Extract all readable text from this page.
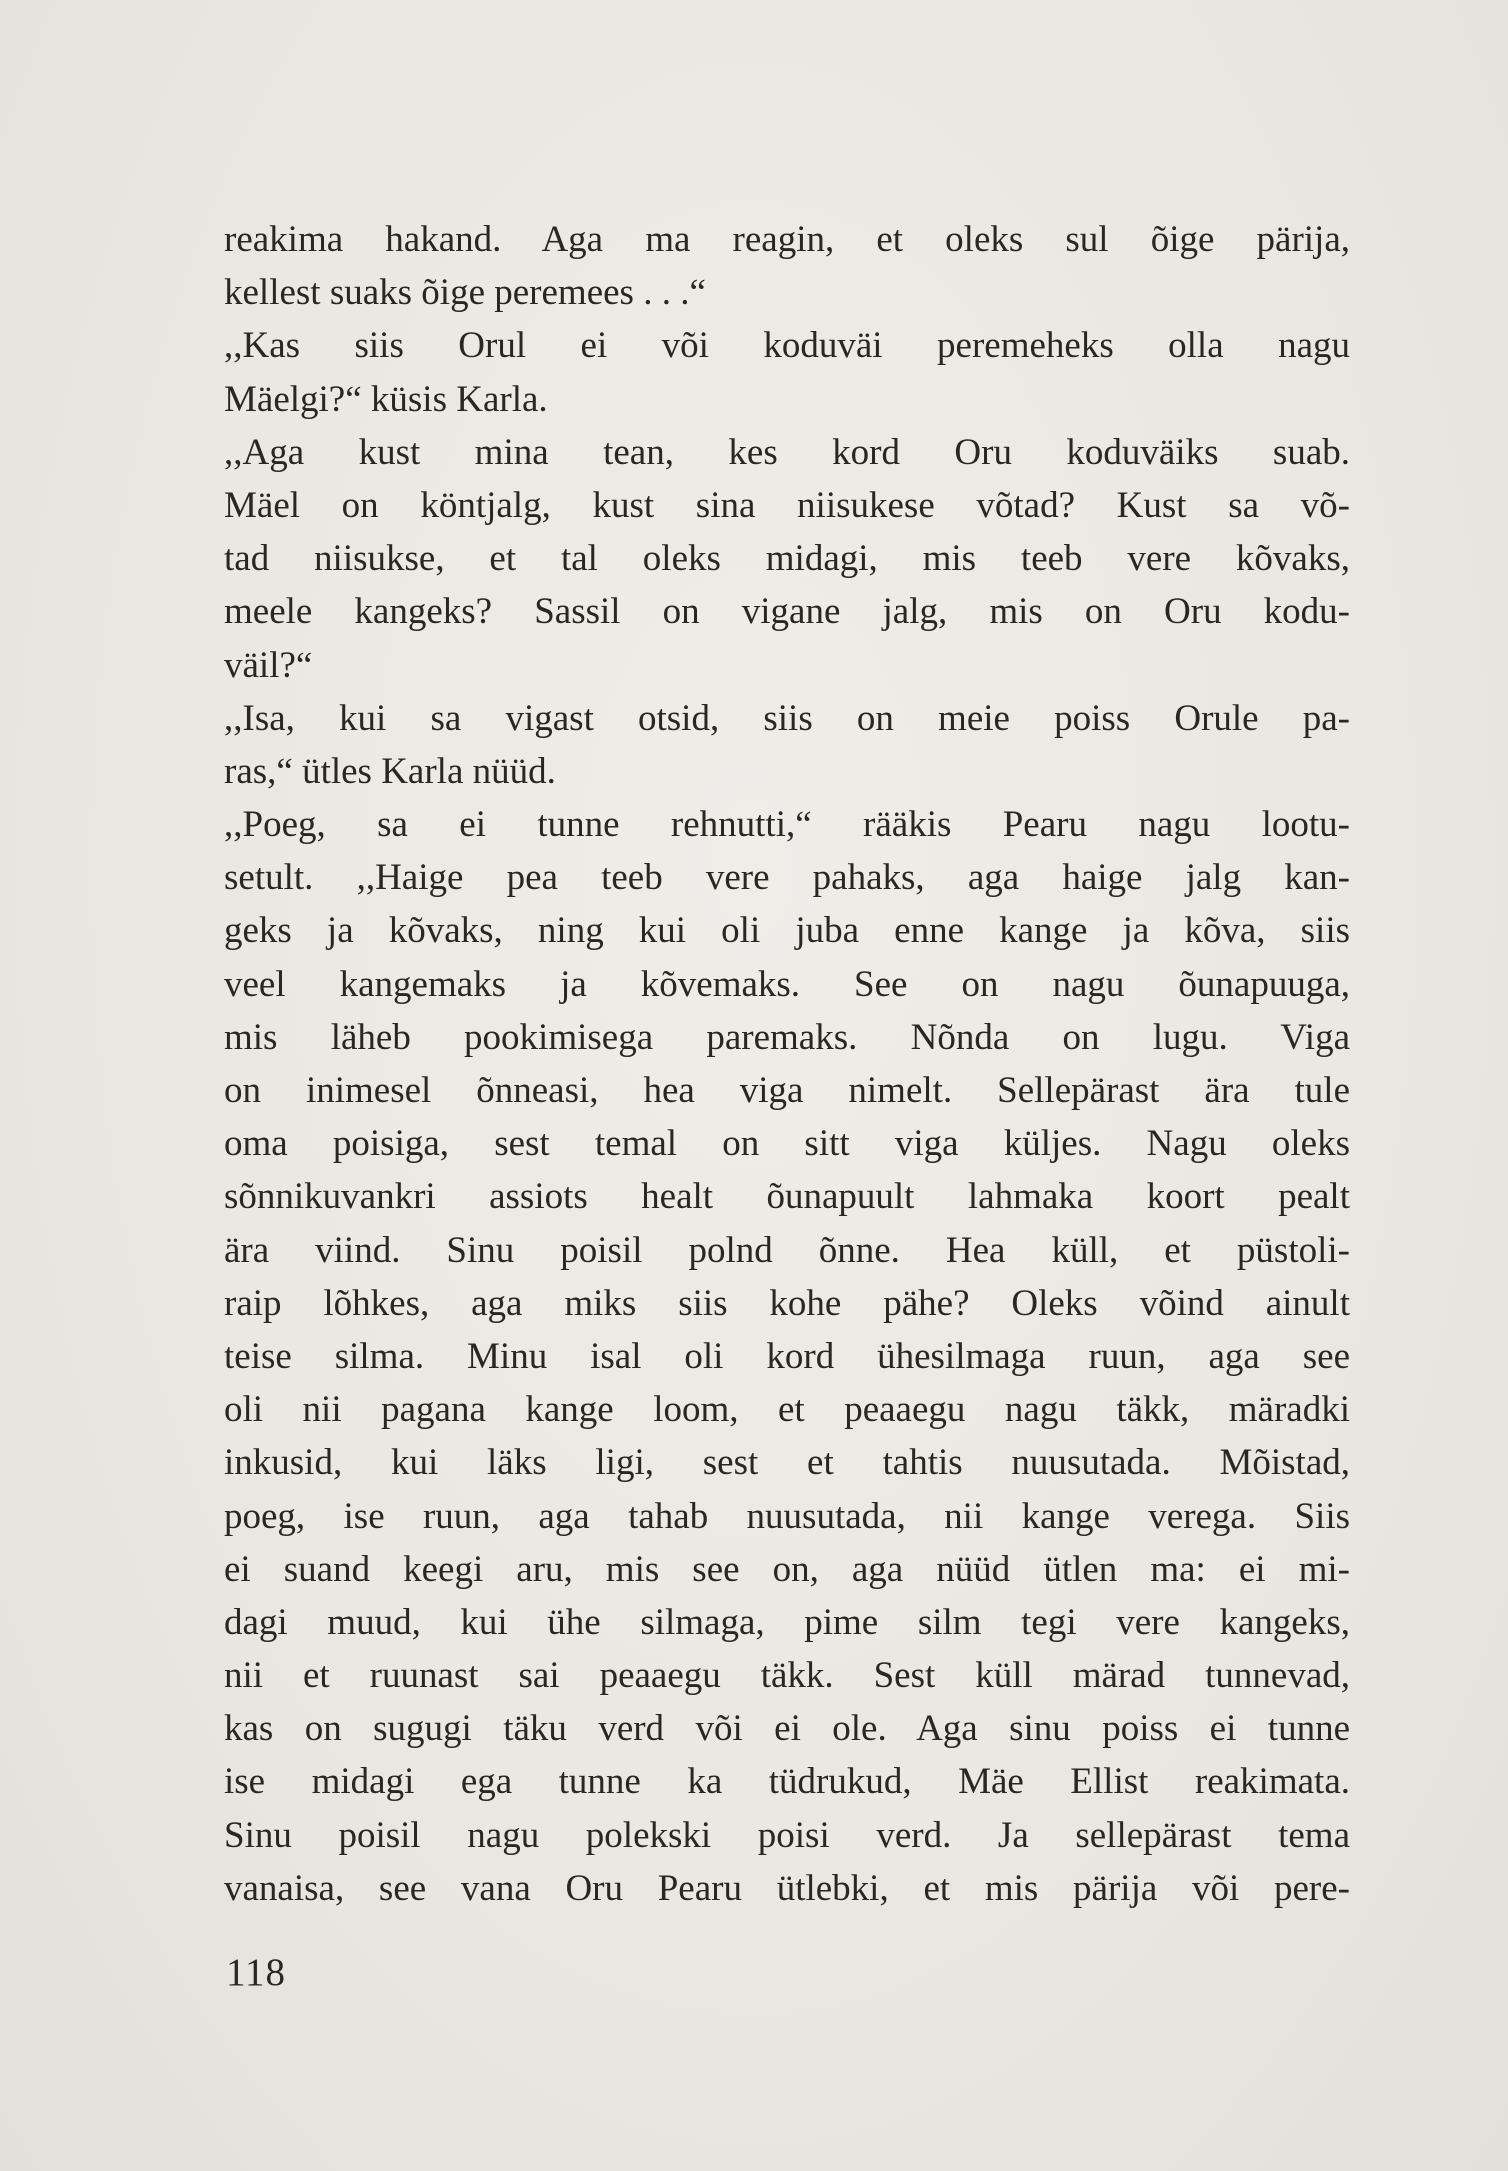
reakima hakand. Aga ma reagin, et oleks sul õige pärija,
kellest suaks õige peremees . . .“
,,Kas siis Orul ei või koduväi peremeheks olla nagu
Mäelgi?“ küsis Karla.
,,Aga kust mina tean, kes kord Oru koduväiks suab.
Mäel on köntjalg, kust sina niisukese võtad? Kust sa võ-
tad niisukse, et tal oleks midagi, mis teeb vere kõvaks,
meele kangeks? Sassil on vigane jalg, mis on Oru kodu-
väil?“
,,Isa, kui sa vigast otsid, siis on meie poiss Orule pa-
ras,“ ütles Karla nüüd.
,,Poeg, sa ei tunne rehnutti,“ rääkis Pearu nagu lootu-
setult. ,,Haige pea teeb vere pahaks, aga haige jalg kan-
geks ja kõvaks, ning kui oli juba enne kange ja kõva, siis
veel kangemaks ja kõvemaks. See on nagu õunapuuga,
mis läheb pookimisega paremaks. Nõnda on lugu. Viga
on inimesel õnneasi, hea viga nimelt. Sellepärast ära tule
oma poisiga, sest temal on sitt viga küljes. Nagu oleks
sõnnikuvankri assiots healt õunapuult lahmaka koort pealt
ära viind. Sinu poisil polnd õnne. Hea küll, et püstoli-
raip lõhkes, aga miks siis kohe pähe? Oleks võind ainult
teise silma. Minu isal oli kord ühesilmaga ruun, aga see
oli nii pagana kange loom, et peaaegu nagu täkk, märadki
inkusid, kui läks ligi, sest et tahtis nuusutada. Mõistad,
poeg, ise ruun, aga tahab nuusutada, nii kange verega. Siis
ei suand keegi aru, mis see on, aga nüüd ütlen ma: ei mi-
dagi muud, kui ühe silmaga, pime silm tegi vere kangeks,
nii et ruunast sai peaaegu täkk. Sest küll märad tunnevad,
kas on sugugi täku verd või ei ole. Aga sinu poiss ei tunne
ise midagi ega tunne ka tüdrukud, Mäe Ellist reakimata.
Sinu poisil nagu polekski poisi verd. Ja sellepärast tema
vanaisa, see vana Oru Pearu ütlebki, et mis pärija või pere-
118
